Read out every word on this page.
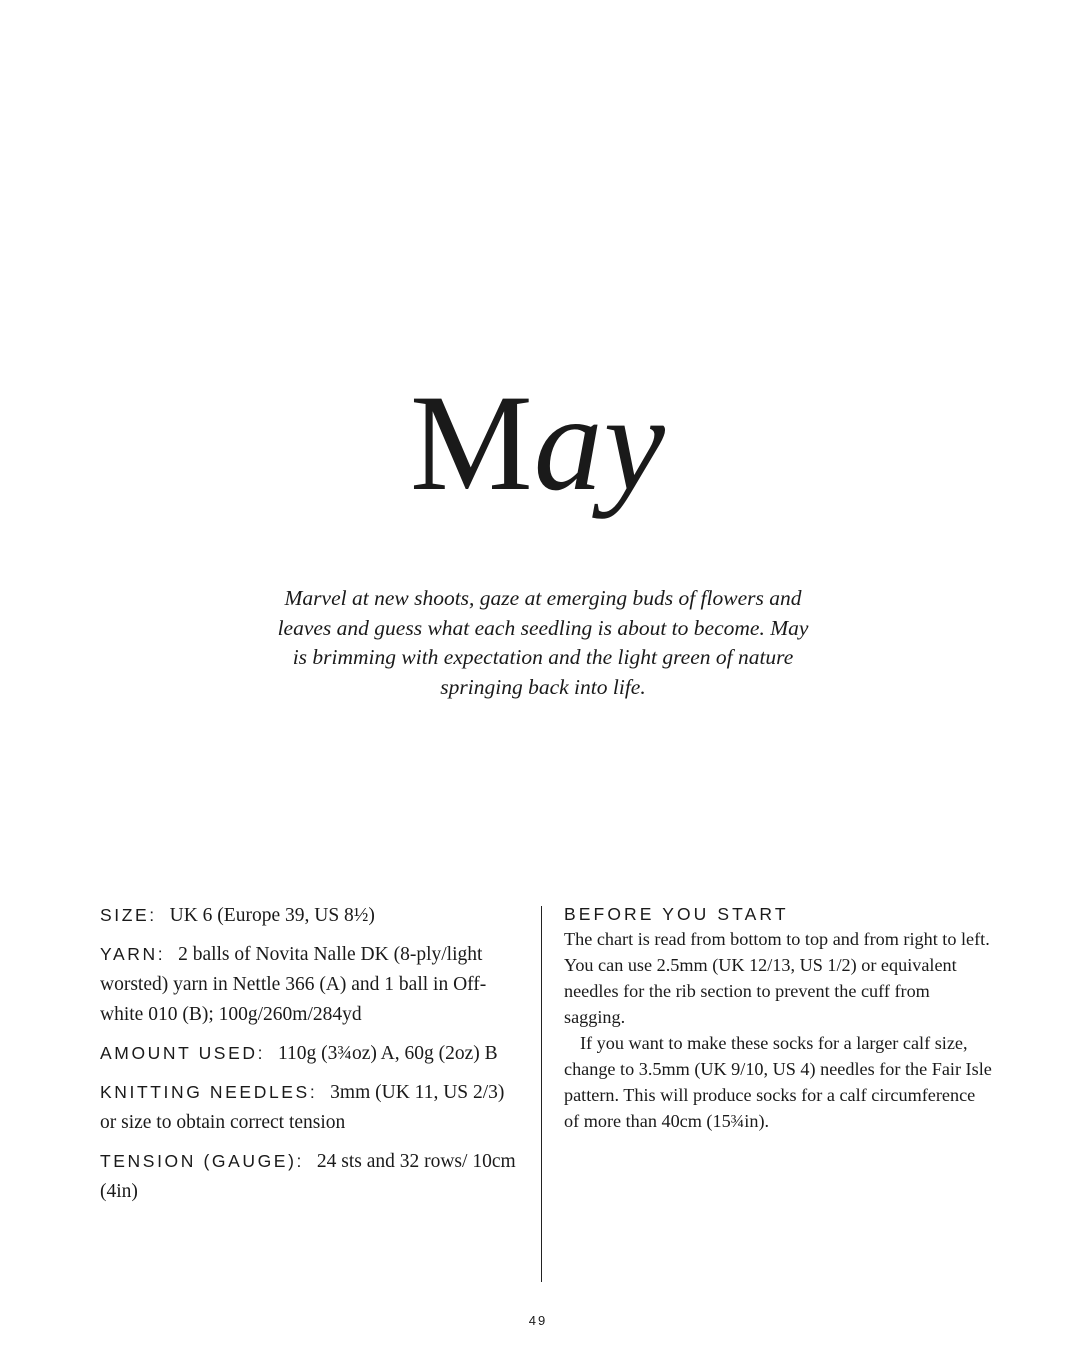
May

Marvel at new shoots, gaze at emerging buds of flowers and leaves and guess what each seedling is about to become. May is brimming with expectation and the light green of nature springing back into life.

SIZE: UK 6 (Europe 39, US 8½)

YARN: 2 balls of Novita Nalle DK (8-ply/light worsted) yarn in Nettle 366 (A) and 1 ball in Off-white 010 (B); 100g/260m/284yd

AMOUNT USED: 110g (3¾oz) A, 60g (2oz) B

KNITTING NEEDLES: 3mm (UK 11, US 2/3) or size to obtain correct tension

TENSION (GAUGE): 24 sts and 32 rows/ 10cm (4in)

BEFORE YOU START

The chart is read from bottom to top and from right to left. You can use 2.5mm (UK 12/13, US 1/2) or equivalent needles for the rib section to prevent the cuff from sagging.

If you want to make these socks for a larger calf size, change to 3.5mm (UK 9/10, US 4) needles for the Fair Isle pattern. This will produce socks for a calf circumference of more than 40cm (15¾in).

49
